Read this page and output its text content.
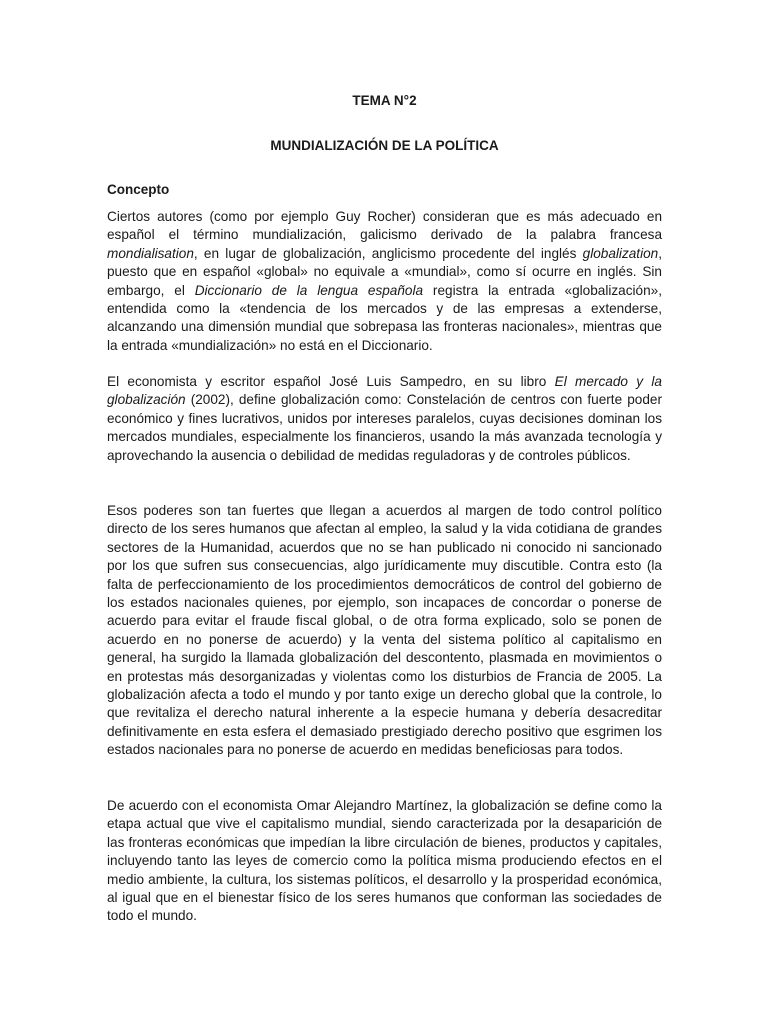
TEMA N°2
MUNDIALIZACIÓN DE LA POLÍTICA
Concepto

Ciertos autores (como por ejemplo Guy Rocher) consideran que es más adecuado en español el término mundialización, galicismo derivado de la palabra francesa mondialisation, en lugar de globalización, anglicismo procedente del inglés globalization, puesto que en español «global» no equivale a «mundial», como sí ocurre en inglés. Sin embargo, el Diccionario de la lengua española registra la entrada «globalización», entendida como la «tendencia de los mercados y de las empresas a extenderse, alcanzando una dimensión mundial que sobrepasa las fronteras nacionales», mientras que la entrada «mundialización» no está en el Diccionario.

El economista y escritor español José Luis Sampedro, en su libro El mercado y la globalización (2002), define globalización como: Constelación de centros con fuerte poder económico y fines lucrativos, unidos por intereses paralelos, cuyas decisiones dominan los mercados mundiales, especialmente los financieros, usando la más avanzada tecnología y aprovechando la ausencia o debilidad de medidas reguladoras y de controles públicos.

Esos poderes son tan fuertes que llegan a acuerdos al margen de todo control político directo de los seres humanos que afectan al empleo, la salud y la vida cotidiana de grandes sectores de la Humanidad, acuerdos que no se han publicado ni conocido ni sancionado por los que sufren sus consecuencias, algo jurídicamente muy discutible. Contra esto (la falta de perfeccionamiento de los procedimientos democráticos de control del gobierno de los estados nacionales quienes, por ejemplo, son incapaces de concordar o ponerse de acuerdo para evitar el fraude fiscal global, o de otra forma explicado, solo se ponen de acuerdo en no ponerse de acuerdo) y la venta del sistema político al capitalismo en general, ha surgido la llamada globalización del descontento, plasmada en movimientos o en protestas más desorganizadas y violentas como los disturbios de Francia de 2005. La globalización afecta a todo el mundo y por tanto exige un derecho global que la controle, lo que revitaliza el derecho natural inherente a la especie humana y debería desacreditar definitivamente en esta esfera el demasiado prestigiado derecho positivo que esgrimen los estados nacionales para no ponerse de acuerdo en medidas beneficiosas para todos.

De acuerdo con el economista Omar Alejandro Martínez, la globalización se define como la etapa actual que vive el capitalismo mundial, siendo caracterizada por la desaparición de las fronteras económicas que impedían la libre circulación de bienes, productos y capitales, incluyendo tanto las leyes de comercio como la política misma produciendo efectos en el medio ambiente, la cultura, los sistemas políticos, el desarrollo y la prosperidad económica, al igual que en el bienestar físico de los seres humanos que conforman las sociedades de todo el mundo.
